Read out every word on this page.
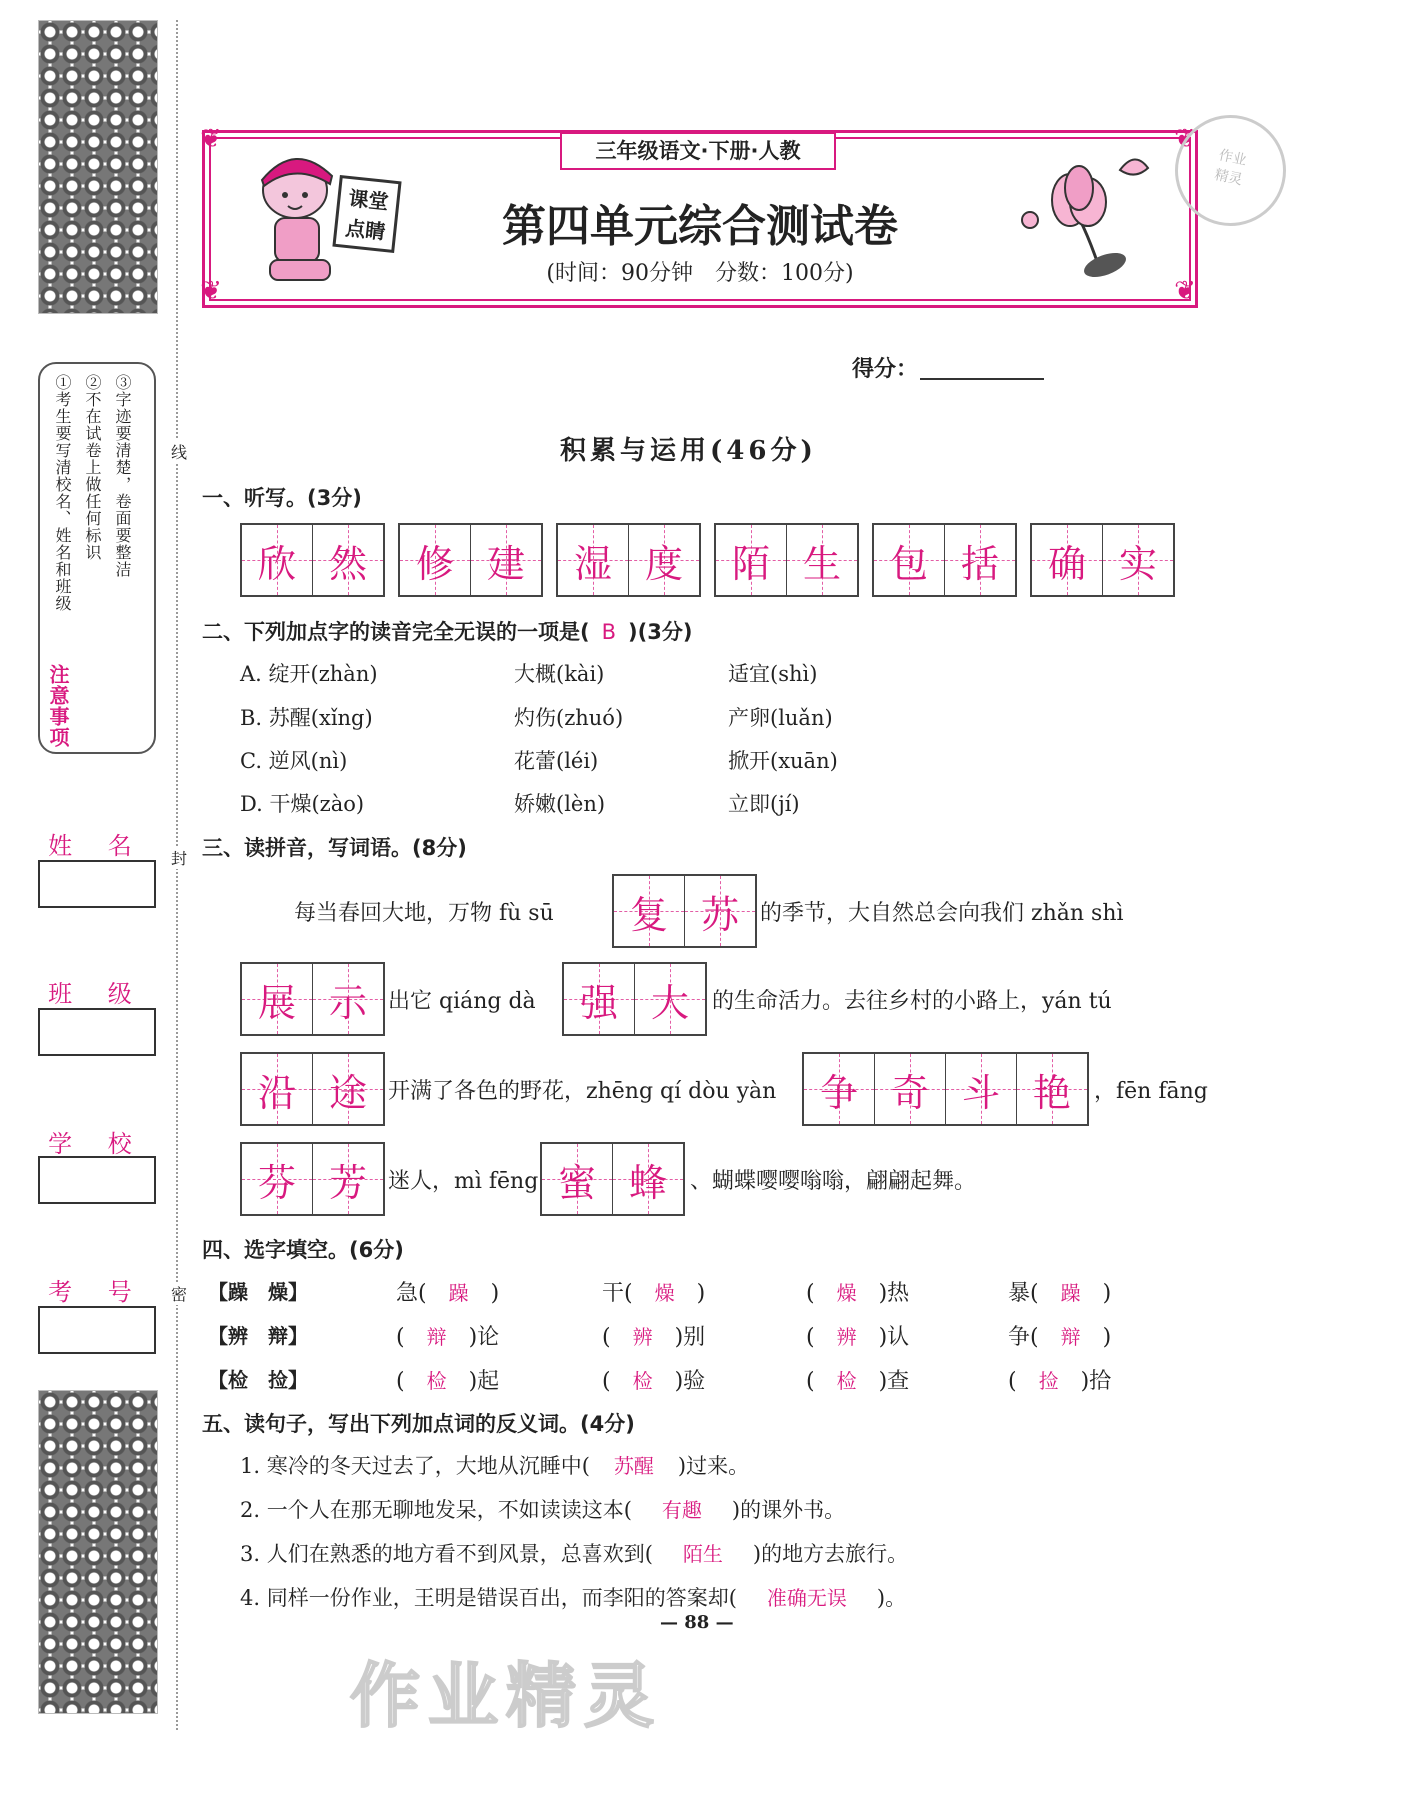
线
封
密
注意事项
①考生要写清校名、姓名和班级 ②不在试卷上做任何标识 ③字迹要清楚，卷面要整洁
姓 名
班 级
学 校
考 号
❦	❦
❦	❦
三年级语文·下册·人教
第四单元综合测试卷
(时间：90分钟　分数：100分)
课堂点睛
作业 精灵
得分：
积累与运用(46分)
一、听写。(3分)
欣 然 修 建 湿 度 陌 生 包 括 确 实
二、下列加点字的读音完全无误的一项是( B )(3分)
A. 绽开(zhàn)	大概(kài)	适宜(shì)
B. 苏醒(xǐng)	灼伤(zhuó)	产卵(luǎn)
C. 逆风(nì)	花蕾(léi)	掀开(xuān)
D. 干燥(zào)	娇嫩(lèn)	立即(jí)
三、读拼音，写词语。(8分)
每当春回大地，万物 fù sū 复 苏 的季节，大自然总会向我们 zhǎn shì
展 示 出它 qiáng dà 强 大 的生命活力。去往乡村的小路上，yán tú
沿 途 开满了各色的野花，zhēng qí dòu yàn 争 奇 斗 艳 ，fēn fāng
芬 芳 迷人，mì fēng 蜜 蜂 、蝴蝶嘤嘤嗡嗡，翩翩起舞。
四、选字填空。(6分)
【躁　燥】	急( 躁 )	干( 燥 )	( 燥 )热	暴( 躁 )
【辨　辩】	( 辩 )论	( 辨 )别	( 辨 )认	争( 辩 )
【检　捡】	( 检 )起	( 检 )验	( 检 )查	( 捡 )拾
五、读句子，写出下列加点词的反义词。(4分)
1. 寒冷的冬天过去了，大地从沉睡中( 苏醒 )过来。
2. 一个人在那无聊地发呆，不如读读这本( 有趣 )的课外书。
3. 人们在熟悉的地方看不到风景，总喜欢到( 陌生 )的地方去旅行。
4. 同样一份作业，王明是错误百出，而李阳的答案却( 准确无误 )。
— 88 —
作业精灵
